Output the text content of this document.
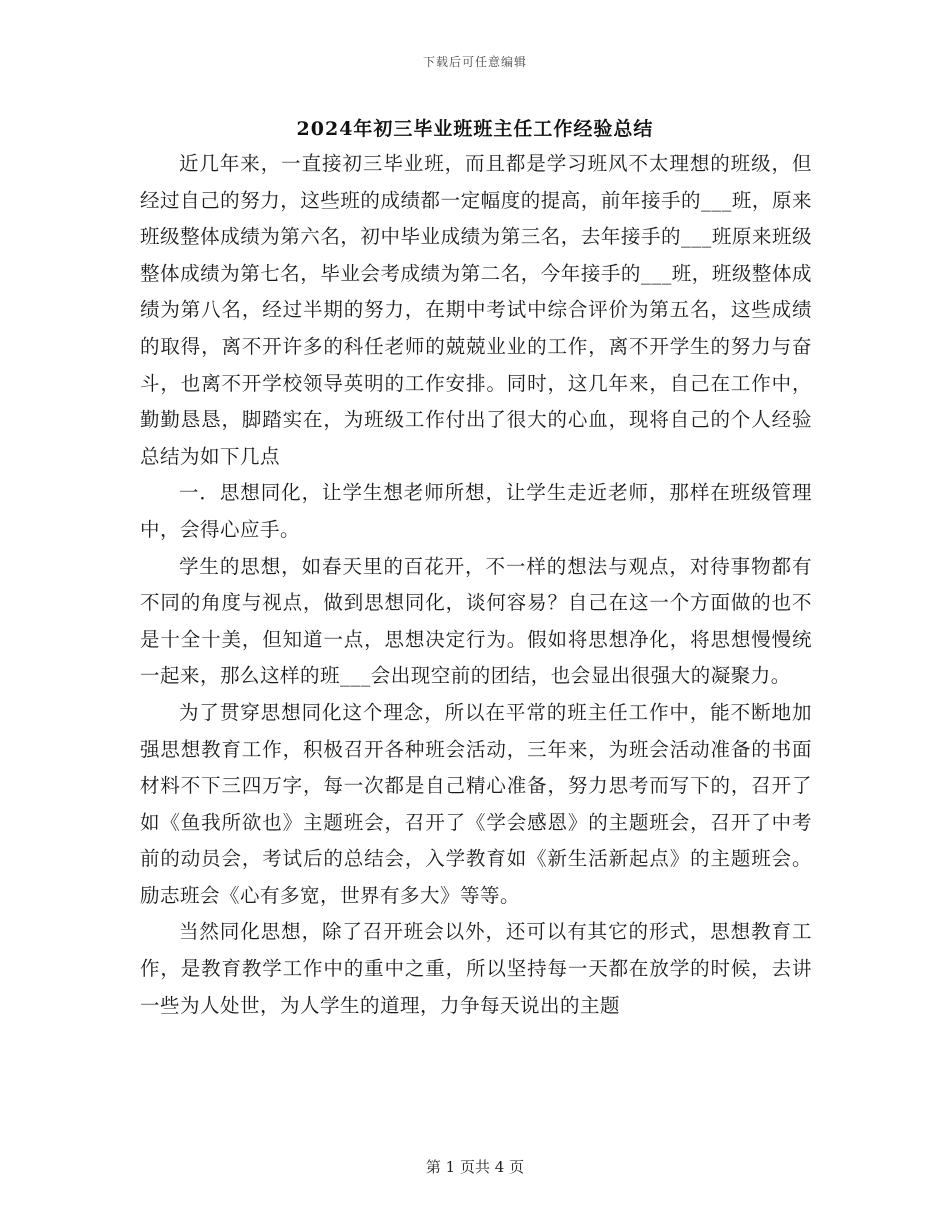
下载后可任意编辑
2024年初三毕业班班主任工作经验总结

近几年来，一直接初三毕业班，而且都是学习班风不太理想的班级，但经过自己的努力，这些班的成绩都一定幅度的提高，前年接手的___班，原来班级整体成绩为第六名，初中毕业成绩为第三名，去年接手的___班原来班级整体成绩为第七名，毕业会考成绩为第二名，今年接手的___班，班级整体成绩为第八名，经过半期的努力，在期中考试中综合评价为第五名，这些成绩的取得，离不开许多的科任老师的兢兢业业的工作，离不开学生的努力与奋斗，也离不开学校领导英明的工作安排。同时，这几年来，自己在工作中，勤勤恳恳，脚踏实在，为班级工作付出了很大的心血，现将自己的个人经验总结为如下几点

一．思想同化，让学生想老师所想，让学生走近老师，那样在班级管理中，会得心应手。

学生的思想，如春天里的百花开，不一样的想法与观点，对待事物都有不同的角度与视点，做到思想同化，谈何容易？自己在这一个方面做的也不是十全十美，但知道一点，思想决定行为。假如将思想净化，将思想慢慢统一起来，那么这样的班___会出现空前的团结，也会显出很强大的凝聚力。

为了贯穿思想同化这个理念，所以在平常的班主任工作中，能不断地加强思想教育工作，积极召开各种班会活动，三年来，为班会活动准备的书面材料不下三四万字，每一次都是自己精心准备，努力思考而写下的，召开了如《鱼我所欲也》主题班会，召开了《学会感恩》的主题班会，召开了中考前的动员会，考试后的总结会，入学教育如《新生活新起点》的主题班会。励志班会《心有多宽，世界有多大》等等。

当然同化思想，除了召开班会以外，还可以有其它的形式，思想教育工作，是教育教学工作中的重中之重，所以坚持每一天都在放学的时候，去讲一些为人处世，为人学生的道理，力争每天说出的主题

第 1 页共 4 页
